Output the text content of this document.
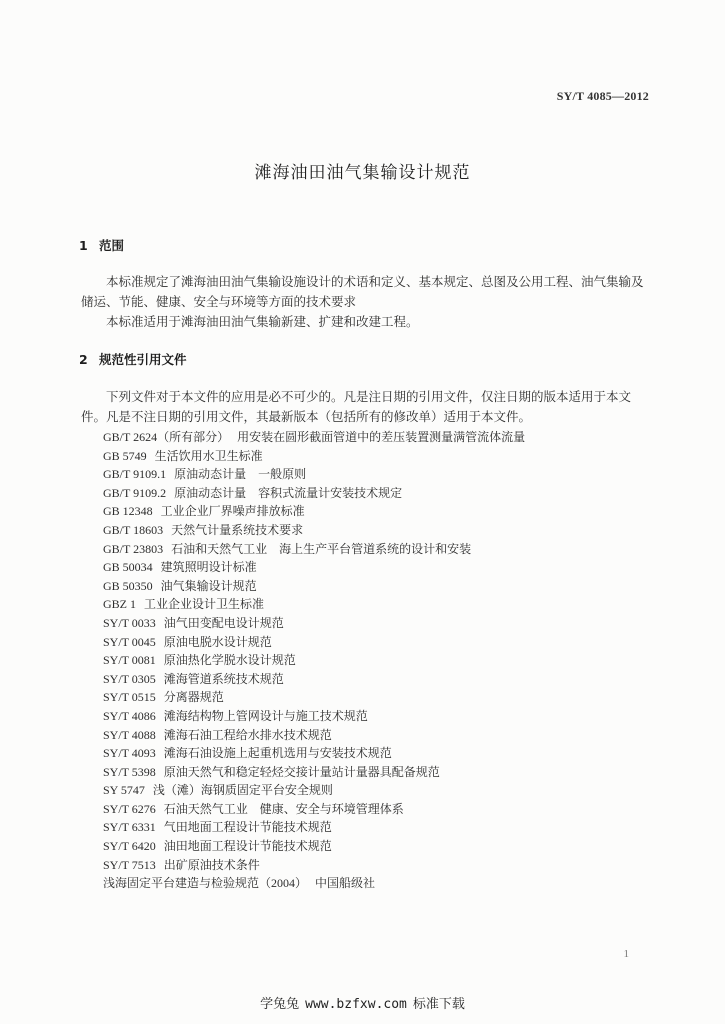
SY/T 4085—2012
滩海油田油气集输设计规范
1 范围
本标准规定了滩海油田油气集输设施设计的术语和定义、基本规定、总图及公用工程、油气集输及储运、节能、健康、安全与环境等方面的技术要求
本标准适用于滩海油田油气集输新建、扩建和改建工程。
2 规范性引用文件
下列文件对于本文件的应用是必不可少的。凡是注日期的引用文件，仅注日期的版本适用于本文件。凡是不注日期的引用文件，其最新版本（包括所有的修改单）适用于本文件。
GB/T 2624（所有部分） 用安装在圆形截面管道中的差压装置测量满管流体流量
GB 5749 生活饮用水卫生标准
GB/T 9109.1 原油动态计量　一般原则
GB/T 9109.2 原油动态计量　容积式流量计安装技术规定
GB 12348 工业企业厂界噪声排放标准
GB/T 18603 天然气计量系统技术要求
GB/T 23803 石油和天然气工业　海上生产平台管道系统的设计和安装
GB 50034 建筑照明设计标准
GB 50350 油气集输设计规范
GBZ 1 工业企业设计卫生标准
SY/T 0033 油气田变配电设计规范
SY/T 0045 原油电脱水设计规范
SY/T 0081 原油热化学脱水设计规范
SY/T 0305 滩海管道系统技术规范
SY/T 0515 分离器规范
SY/T 4086 滩海结构物上管网设计与施工技术规范
SY/T 4088 滩海石油工程给水排水技术规范
SY/T 4093 滩海石油设施上起重机选用与安装技术规范
SY/T 5398 原油天然气和稳定轻烃交接计量站计量器具配备规范
SY 5747 浅（滩）海钢质固定平台安全规则
SY/T 6276 石油天然气工业　健康、安全与环境管理体系
SY/T 6331 气田地面工程设计节能技术规范
SY/T 6420 油田地面工程设计节能技术规范
SY/T 7513 出矿原油技术条件
浅海固定平台建造与检验规范（2004） 中国船级社
1
学兔兔 www.bzfxw.com 标准下载
